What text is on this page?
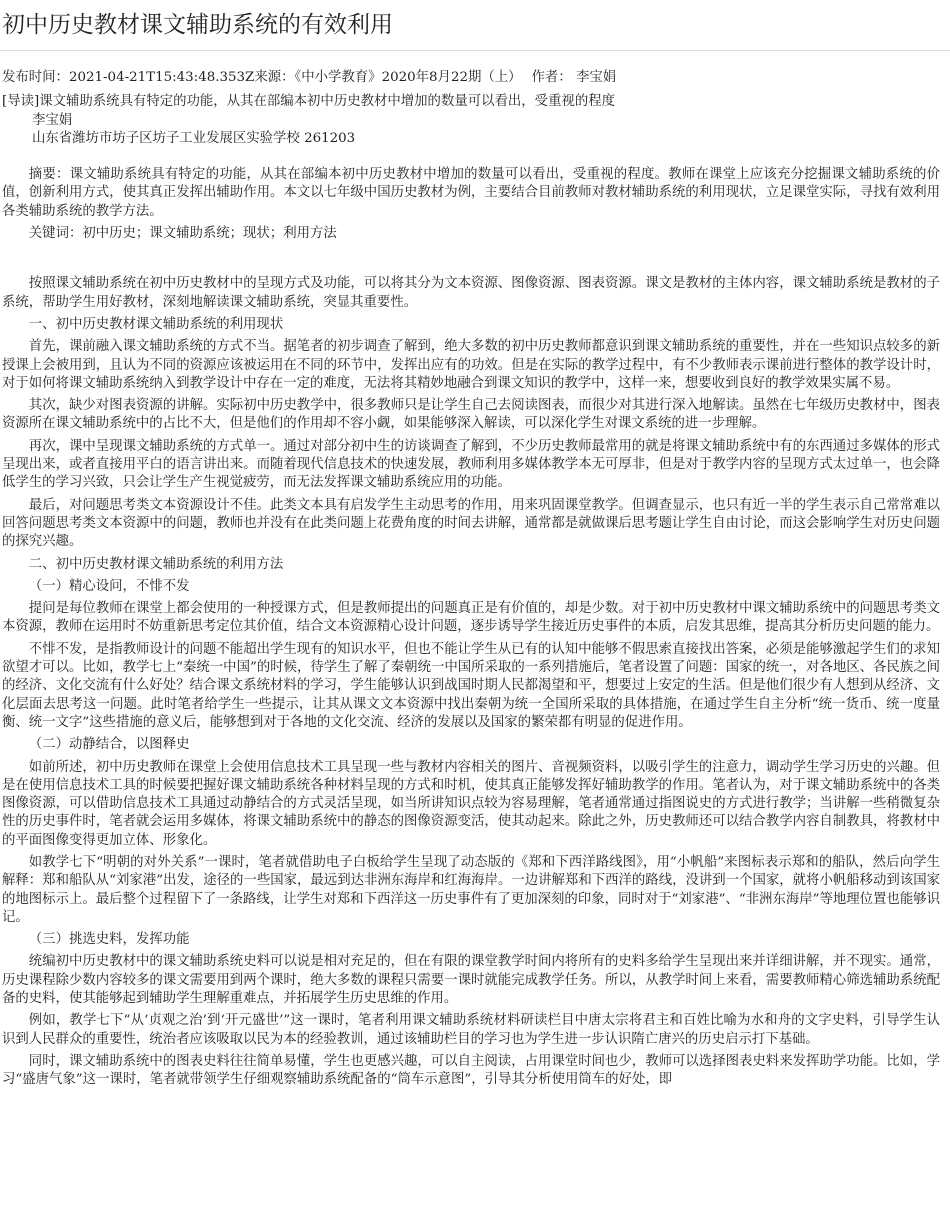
初中历史教材课文辅助系统的有效利用
发布时间：2021-04-21T15:43:48.353Z来源：《中小学教育》2020年8月22期（上） 作者： 李宝娟

[导读]课文辅助系统具有特定的功能，从其在部编本初中历史教材中增加的数量可以看出，受重视的程度

李宝娟

山东省潍坊市坊子区坊子工业发展区实验学校 261203

摘要：课文辅助系统具有特定的功能，从其在部编本初中历史教材中增加的数量可以看出，受重视的程度。教师在课堂上应该充分挖掘课文辅助系统的价值，创新利用方式，使其真正发挥出辅助作用。本文以七年级中国历史教材为例，主要结合目前教师对教材辅助系统的利用现状，立足课堂实际，寻找有效利用各类辅助系统的教学方法。

关键词：初中历史；课文辅助系统；现状；利用方法

按照课文辅助系统在初中历史教材中的呈现方式及功能，可以将其分为文本资源、图像资源、图表资源。课文是教材的主体内容，课文辅助系统是教材的子系统，帮助学生用好教材，深刻地解读课文辅助系统，突显其重要性。

一、初中历史教材课文辅助系统的利用现状

首先，课前融入课文辅助系统的方式不当。据笔者的初步调查了解到，绝大多数的初中历史教师都意识到课文辅助系统的重要性，并在一些知识点较多的新授课上会被用到，且认为不同的资源应该被运用在不同的环节中，发挥出应有的功效。但是在实际的教学过程中，有不少教师表示课前进行整体的教学设计时，对于如何将课文辅助系统纳入到教学设计中存在一定的难度，无法将其精妙地融合到课文知识的教学中，这样一来，想要收到良好的教学效果实属不易。

其次，缺少对图表资源的讲解。实际初中历史教学中，很多教师只是让学生自己去阅读图表，而很少对其进行深入地解读。虽然在七年级历史教材中，图表资源所在课文辅助系统中的占比不大，但是他们的作用却不容小觑，如果能够深入解读，可以深化学生对课文系统的进一步理解。

再次，课中呈现课文辅助系统的方式单一。通过对部分初中生的访谈调查了解到，不少历史教师最常用的就是将课文辅助系统中有的东西通过多媒体的形式呈现出来，或者直接用平白的语言讲出来。而随着现代信息技术的快速发展，教师利用多媒体教学本无可厚非，但是对于教学内容的呈现方式太过单一，也会降低学生的学习兴致，只会让学生产生视觉疲劳，而无法发挥课文辅助系统应用的功能。

最后，对问题思考类文本资源设计不佳。此类文本具有启发学生主动思考的作用，用来巩固课堂教学。但调查显示，也只有近一半的学生表示自己常常难以回答问题思考类文本资源中的问题，教师也并没有在此类问题上花费角度的时间去讲解，通常都是就做课后思考题让学生自由讨论，而这会影响学生对历史问题的探究兴趣。

二、初中历史教材课文辅助系统的利用方法

（一）精心设问，不悱不发

提问是每位教师在课堂上都会使用的一种授课方式，但是教师提出的问题真正是有价值的，却是少数。对于初中历史教材中课文辅助系统中的问题思考类文本资源，教师在运用时不妨重新思考定位其价值，结合文本资源精心设计问题，逐步诱导学生接近历史事件的本质，启发其思维，提高其分析历史问题的能力。

不悱不发，是指教师设计的问题不能超出学生现有的知识水平，但也不能让学生从已有的认知中能够不假思索直接找出答案，必须是能够激起学生们的求知欲望才可以。比如，教学七上“秦统一中国”的时候，待学生了解了秦朝统一中国所采取的一系列措施后，笔者设置了问题：国家的统一，对各地区、各民族之间的经济、文化交流有什么好处？结合课文系统材料的学习，学生能够认识到战国时期人民都渴望和平，想要过上安定的生活。但是他们很少有人想到从经济、文化层面去思考这一问题。此时笔者给学生一些提示，让其从课文文本资源中找出秦朝为统一全国所采取的具体措施，在通过学生自主分析“统一货币、统一度量衡、统一文字”这些措施的意义后，能够想到对于各地的文化交流、经济的发展以及国家的繁荣都有明显的促进作用。

（二）动静结合，以图释史

如前所述，初中历史教师在课堂上会使用信息技术工具呈现一些与教材内容相关的图片、音视频资料，以吸引学生的注意力，调动学生学习历史的兴趣。但是在使用信息技术工具的时候要把握好课文辅助系统各种材料呈现的方式和时机，使其真正能够发挥好辅助教学的作用。笔者认为，对于课文辅助系统中的各类图像资源，可以借助信息技术工具通过动静结合的方式灵活呈现，如当所讲知识点较为容易理解，笔者通常通过指图说史的方式进行教学；当讲解一些稍微复杂性的历史事件时，笔者就会运用多媒体，将课文辅助系统中的静态的图像资源变活，使其动起来。除此之外，历史教师还可以结合教学内容自制教具，将教材中的平面图像变得更加立体、形象化。

如教学七下“明朝的对外关系”一课时，笔者就借助电子白板给学生呈现了动态版的《郑和下西洋路线图》，用“小帆船”来图标表示郑和的船队，然后向学生解释：郑和船队从“刘家港”出发，途径的一些国家，最远到达非洲东海岸和红海海岸。一边讲解郑和下西洋的路线，没讲到一个国家，就将小帆船移动到该国家的地图标示上。最后整个过程留下了一条路线，让学生对郑和下西洋这一历史事件有了更加深刻的印象，同时对于“刘家港”、“非洲东海岸”等地理位置也能够识记。

（三）挑选史料，发挥功能

统编初中历史教材中的课文辅助系统史料可以说是相对充足的，但在有限的课堂教学时间内将所有的史料多给学生呈现出来并详细讲解，并不现实。通常，历史课程除少数内容较多的课文需要用到两个课时，绝大多数的课程只需要一课时就能完成教学任务。所以，从教学时间上来看，需要教师精心筛选辅助系统配备的史料，使其能够起到辅助学生理解重难点，并拓展学生历史思维的作用。

例如，教学七下“从‘贞观之治’到‘开元盛世’”这一课时，笔者利用课文辅助系统材料研读栏目中唐太宗将君主和百姓比喻为水和舟的文字史料，引导学生认识到人民群众的重要性，统治者应该吸取以民为本的经验教训，通过该辅助栏目的学习也为学生进一步认识隋亡唐兴的历史启示打下基础。

同时，课文辅助系统中的图表史料往往简单易懂，学生也更感兴趣，可以自主阅读，占用课堂时间也少，教师可以选择图表史料来发挥助学功能。比如，学习“盛唐气象”这一课时，笔者就带领学生仔细观察辅助系统配备的“筒车示意图”，引导其分析使用筒车的好处，即
